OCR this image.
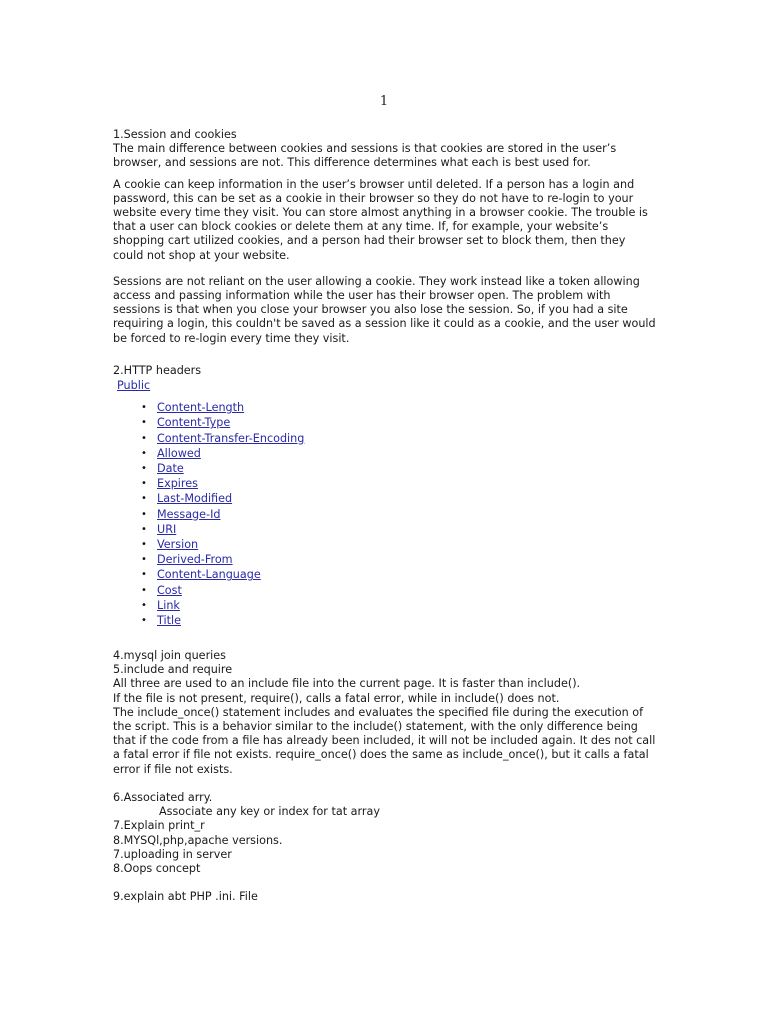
1

1.Session and cookies

The main difference between cookies and sessions is that cookies are stored in the user’s browser, and sessions are not. This difference determines what each is best used for.

A cookie can keep information in the user’s browser until deleted. If a person has a login and password, this can be set as a cookie in their browser so they do not have to re-login to your website every time they visit. You can store almost anything in a browser cookie. The trouble is that a user can block cookies or delete them at any time. If, for example, your website’s shopping cart utilized cookies, and a person had their browser set to block them, then they could not shop at your website.

Sessions are not reliant on the user allowing a cookie. They work instead like a token allowing access and passing information while the user has their browser open. The problem with sessions is that when you close your browser you also lose the session. So, if you had a site requiring a login, this couldn't be saved as a session like it could as a cookie, and the user would be forced to re-login every time they visit.

2.HTTP headers

Public
• Content-Length
• Content-Type
• Content-Transfer-Encoding
• Allowed
• Date
• Expires
• Last-Modified
• Message-Id
• URI
• Version
• Derived-From
• Content-Language
• Cost
• Link
• Title

4.mysql join queries

5.include and require

All three are used to an include file into the current page. It is faster than include().

If the file is not present, require(), calls a fatal error, while in include() does not.

The include_once() statement includes and evaluates the specified file during the execution of the script. This is a behavior similar to the include() statement, with the only difference being that if the code from a file has already been included, it will not be included again. It des not call a fatal error if file not exists. require_once() does the same as include_once(), but it calls a fatal error if file not exists.

6.Associated arry.

Associate any key or index for tat array

7.Explain print_r

8.MYSQl,php,apache versions.

7.uploading in server

8.Oops concept

9.explain abt PHP .ini. File
